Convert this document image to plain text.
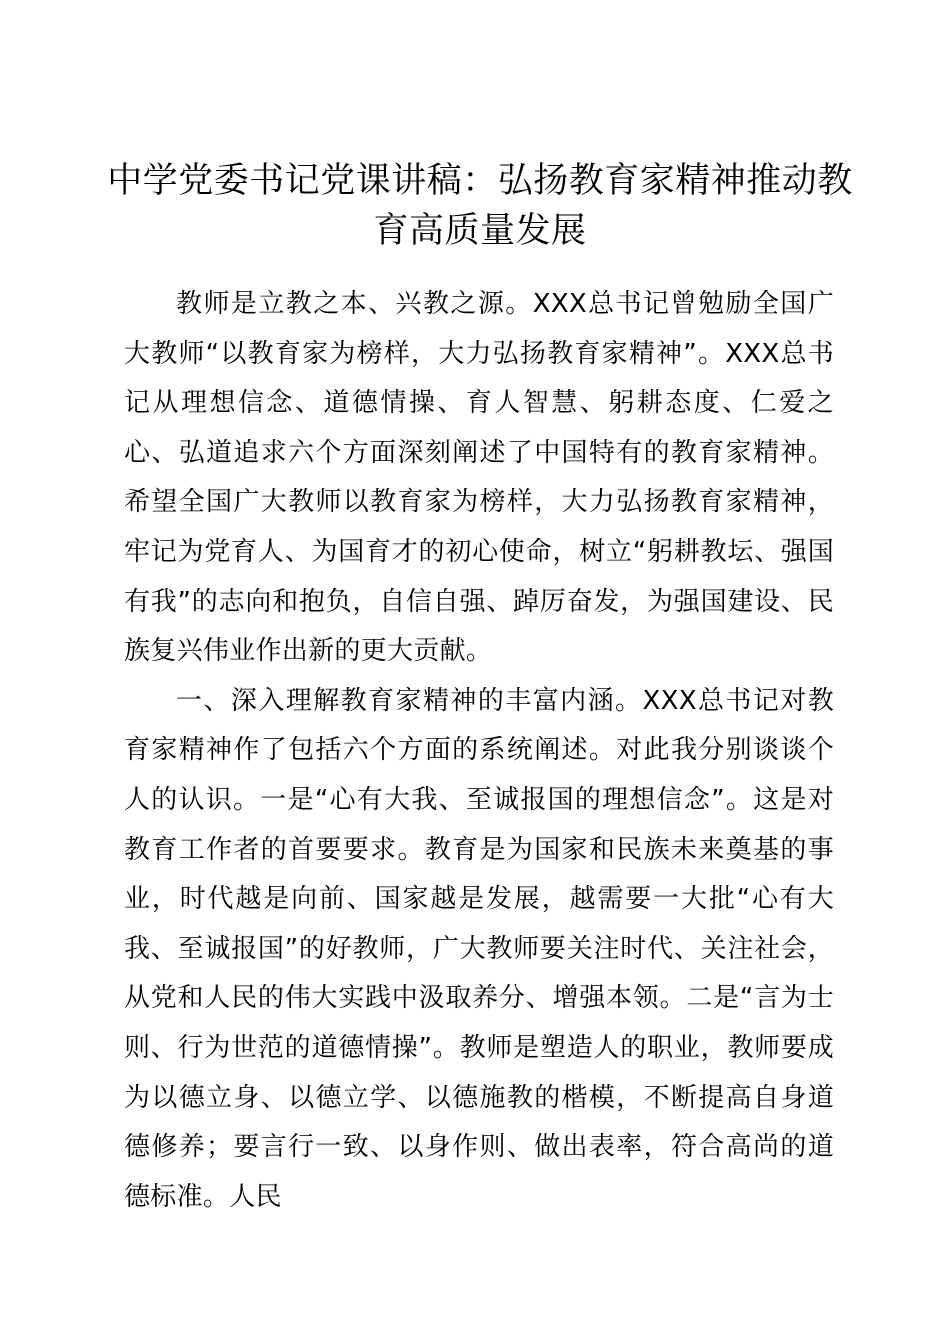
中学党委书记党课讲稿：弘扬教育家精神推动教育高质量发展

教师是立教之本、兴教之源。XXX总书记曾勉励全国广大教师“以教育家为榜样，大力弘扬教育家精神”。XXX总书记从理想信念、道德情操、育人智慧、躬耕态度、仁爱之心、弘道追求六个方面深刻阐述了中国特有的教育家精神。希望全国广大教师以教育家为榜样，大力弘扬教育家精神，牢记为党育人、为国育才的初心使命，树立“躬耕教坛、强国有我”的志向和抱负，自信自强、踔厉奋发，为强国建设、民族复兴伟业作出新的更大贡献。

一、深入理解教育家精神的丰富内涵。XXX总书记对教育家精神作了包括六个方面的系统阐述。对此我分别谈谈个人的认识。一是“心有大我、至诚报国的理想信念”。这是对教育工作者的首要要求。教育是为国家和民族未来奠基的事业，时代越是向前、国家越是发展，越需要一大批“心有大我、至诚报国”的好教师，广大教师要关注时代、关注社会，从党和人民的伟大实践中汲取养分、增强本领。二是“言为士则、行为世范的道德情操”。教师是塑造人的职业，教师要成为以德立身、以德立学、以德施教的楷模，不断提高自身道德修养；要言行一致、以身作则、做出表率，符合高尚的道德标准。人民
